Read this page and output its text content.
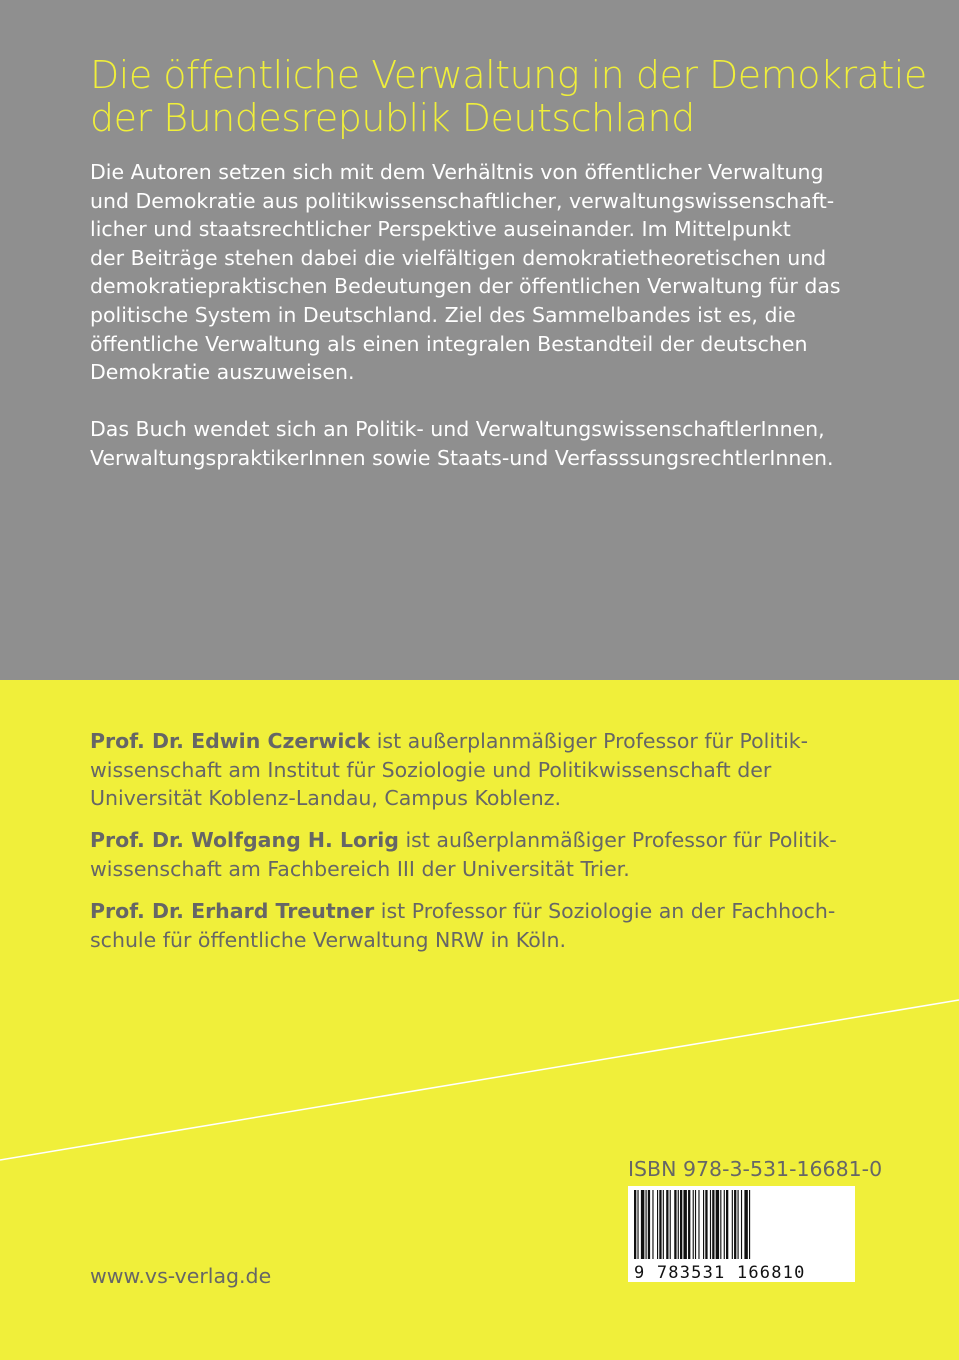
Die öffentliche Verwaltung in der Demokratie
der Bundesrepublik Deutschland
Die Autoren setzen sich mit dem Verhältnis von öffentlicher Verwaltung
und Demokratie aus politikwissenschaftlicher, verwaltungswissenschaft-
licher und staatsrechtlicher Perspektive auseinander. Im Mittelpunkt
der Beiträge stehen dabei die vielfältigen demokratietheoretischen und
demokratiepraktischen Bedeutungen der öffentlichen Verwaltung für das
politische System in Deutschland. Ziel des Sammelbandes ist es, die
öffentliche Verwaltung als einen integralen Bestandteil der deutschen
Demokratie auszuweisen.
Das Buch wendet sich an Politik- und VerwaltungswissenschaftlerInnen,
VerwaltungspraktikerInnen sowie Staats-und VerfasssungsrechtlerInnen.
Prof. Dr. Edwin Czerwick ist außerplanmäßiger Professor für Politik-
wissenschaft am Institut für Soziologie und Politikwissenschaft der
Universität Koblenz-Landau, Campus Koblenz.
Prof. Dr. Wolfgang H. Lorig ist außerplanmäßiger Professor für Politik-
wissenschaft am Fachbereich III der Universität Trier.
Prof. Dr. Erhard Treutner ist Professor für Soziologie an der Fachhoch-
schule für öffentliche Verwaltung NRW in Köln.
ISBN 978-3-531-16681-0
9 783531 166810
www.vs-verlag.de
